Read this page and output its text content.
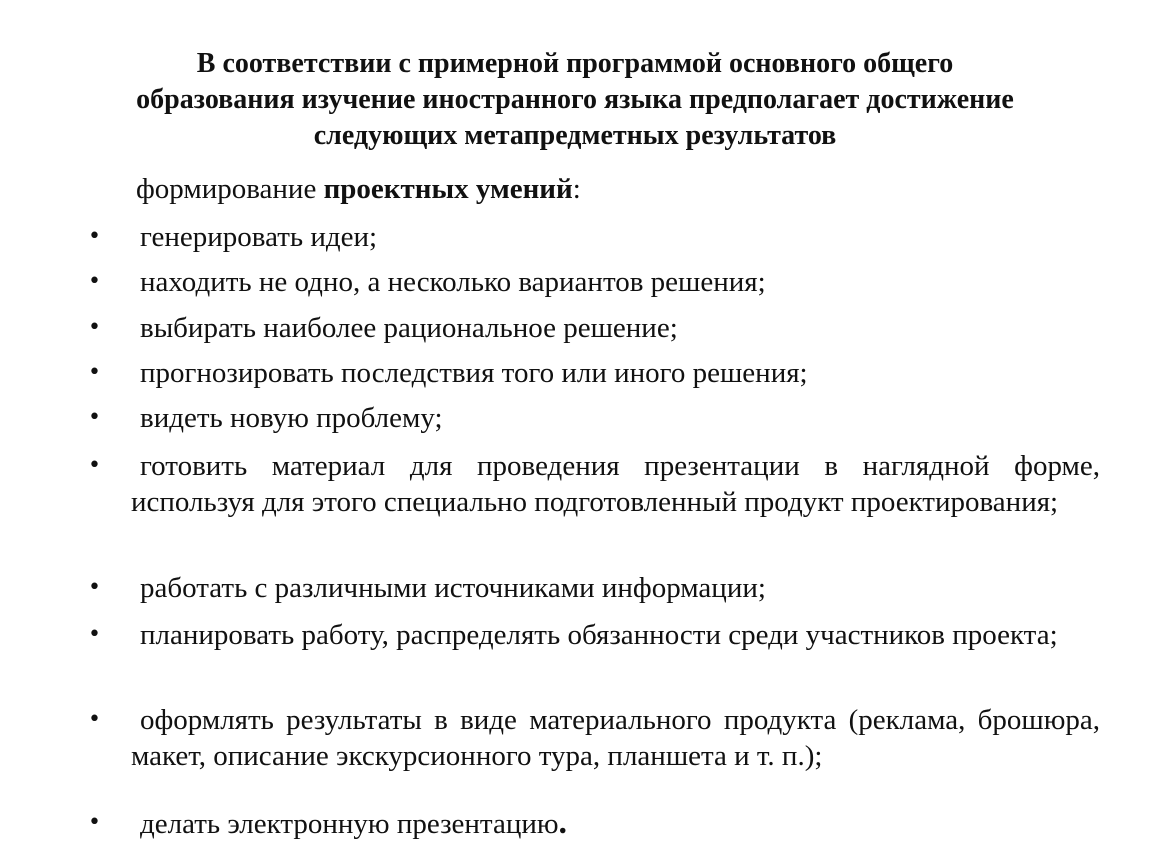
В соответствии с примерной программой основного общего
образования изучение иностранного языка предполагает достижение
следующих метапредметных результатов
формирование проектных умений:
• генерировать идеи;
• находить не одно, а несколько вариантов решения;
• выбирать наиболее рациональное решение;
• прогнозировать последствия того или иного решения;
• видеть новую проблему;
•	готовить материал для проведения презентации в наглядной форме, используя для этого специально подготовленный продукт проектирования;
• работать с различными источниками информации;
•	планировать работу, распределять обязанности среди участников проекта;
•	оформлять результаты в виде материального продукта (реклама, брошюра, макет, описание экскурсионного тура, планшета и т. п.);
• делать электронную презентацию.
